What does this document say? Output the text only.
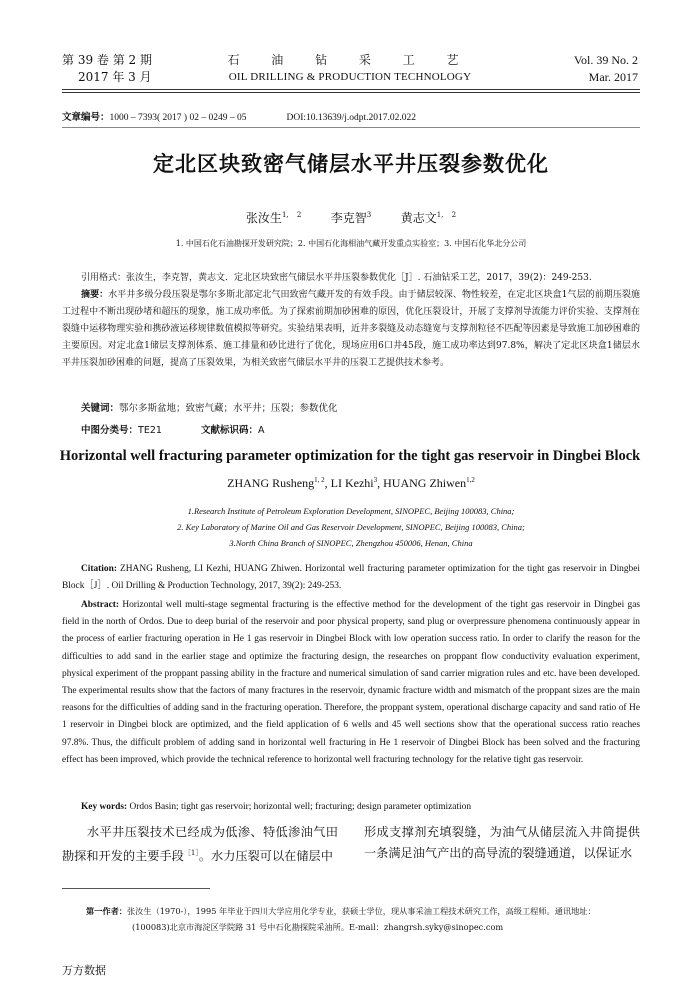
第 39 卷 第 2 期
2017 年 3 月
石 油 钻 采 工 艺
OIL DRILLING & PRODUCTION TECHNOLOGY
Vol. 39 No. 2
Mar. 2017
文章编号：1000 – 7393( 2017 ) 02 – 0249 – 05	DOI:10.13639/j.odpt.2017.02.022
定北区块致密气储层水平井压裂参数优化
张汝生$^{1, 2}$ 李克智$^3$ 黄志文$^{1, 2}$
1. 中国石化石油勘探开发研究院；2. 中国石化海相油气藏开发重点实验室；3. 中国石化华北分公司
引用格式：张汝生，李克智，黄志文．定北区块致密气储层水平井压裂参数优化［J］. 石油钻采工艺，2017，39(2)：249-253.
摘要：水平井多级分段压裂是鄂尔多斯北部定北气田致密气藏开发的有效手段。由于储层较深、物性较差，在定北区块盒1气层的前期压裂施工过程中不断出现砂堵和超压的现象，施工成功率低。为了探索前期加砂困难的原因，优化压裂设计，开展了支撑剂导流能力评价实验、支撑剂在裂缝中运移物理实验和携砂液运移规律数值模拟等研究。实验结果表明，近井多裂缝及动态缝宽与支撑剂粒径不匹配等因素是导致施工加砂困难的主要原因。对定北盒1储层支撑剂体系、施工排量和砂比进行了优化，现场应用6口井45段，施工成功率达到97.8%，解决了定北区块盒1储层水平井压裂加砂困难的问题，提高了压裂效果，为相关致密气储层水平井的压裂工艺提供技术参考。
关键词：鄂尔多斯盆地；致密气藏；水平井；压裂；参数优化
中图分类号：TE21	文献标识码：A
Horizontal well fracturing parameter optimization for the tight gas reservoir in Dingbei Block
ZHANG Rusheng$^{1, 2}$, LI Kezhi$^3$, HUANG Zhiwen$^{1,2}$
1.Research Institute of Petroleum Exploration Development, SINOPEC, Beijing 100083, China;
2. Key Laboratory of Marine Oil and Gas Reservoir Development, SINOPEC, Beijing 100083, China;
3.North China Branch of SINOPEC, Zhengzhou 450006, Henan, China
Citation: ZHANG Rusheng, LI Kezhi, HUANG Zhiwen. Horizontal well fracturing parameter optimization for the tight gas reservoir in Dingbei Block［J］. Oil Drilling & Production Technology, 2017, 39(2): 249-253.
Abstract: Horizontal well multi-stage segmental fracturing is the effective method for the development of the tight gas reservoir in Dingbei gas field in the north of Ordos. Due to deep burial of the reservoir and poor physical property, sand plug or overpressure phenomena continuously appear in the process of earlier fracturing operation in He 1 gas reservoir in Dingbei Block with low operation success ratio. In order to clarify the reason for the difficulties to add sand in the earlier stage and optimize the fracturing design, the researches on proppant flow conductivity evaluation experiment, physical experiment of the proppant passing ability in the fracture and numerical simulation of sand carrier migration rules and etc. have been developed. The experimental results show that the factors of many fractures in the reservoir, dynamic fracture width and mismatch of the proppant sizes are the main reasons for the difficulties of adding sand in the fracturing operation. Therefore, the proppant system, operational discharge capacity and sand ratio of He 1 reservoir in Dingbei block are optimized, and the field application of 6 wells and 45 well sections show that the operational success ratio reaches 97.8%. Thus, the difficult problem of adding sand in horizontal well fracturing in He 1 reservoir of Dingbei Block has been solved and the fracturing effect has been improved, which provide the technical reference to horizontal well fracturing technology for the relative tight gas reservoir.
Key words: Ordos Basin; tight gas reservoir; horizontal well; fracturing; design parameter optimization
水平井压裂技术已经成为低渗、特低渗油气田勘探和开发的主要手段$^{[1]}$。水力压裂可以在储层中
形成支撑剂充填裂缝，为油气从储层流入井筒提供一条满足油气产出的高导流的裂缝通道，以保证水
第一作者：张汝生（1970-），1995 年毕业于四川大学应用化学专业，获硕士学位，现从事采油工程技术研究工作，高级工程师。通讯地址：
(100083)北京市海淀区学院路 31 号中石化勘探院采油所。E-mail：zhangrsh.syky@sinopec.com
万方数据
